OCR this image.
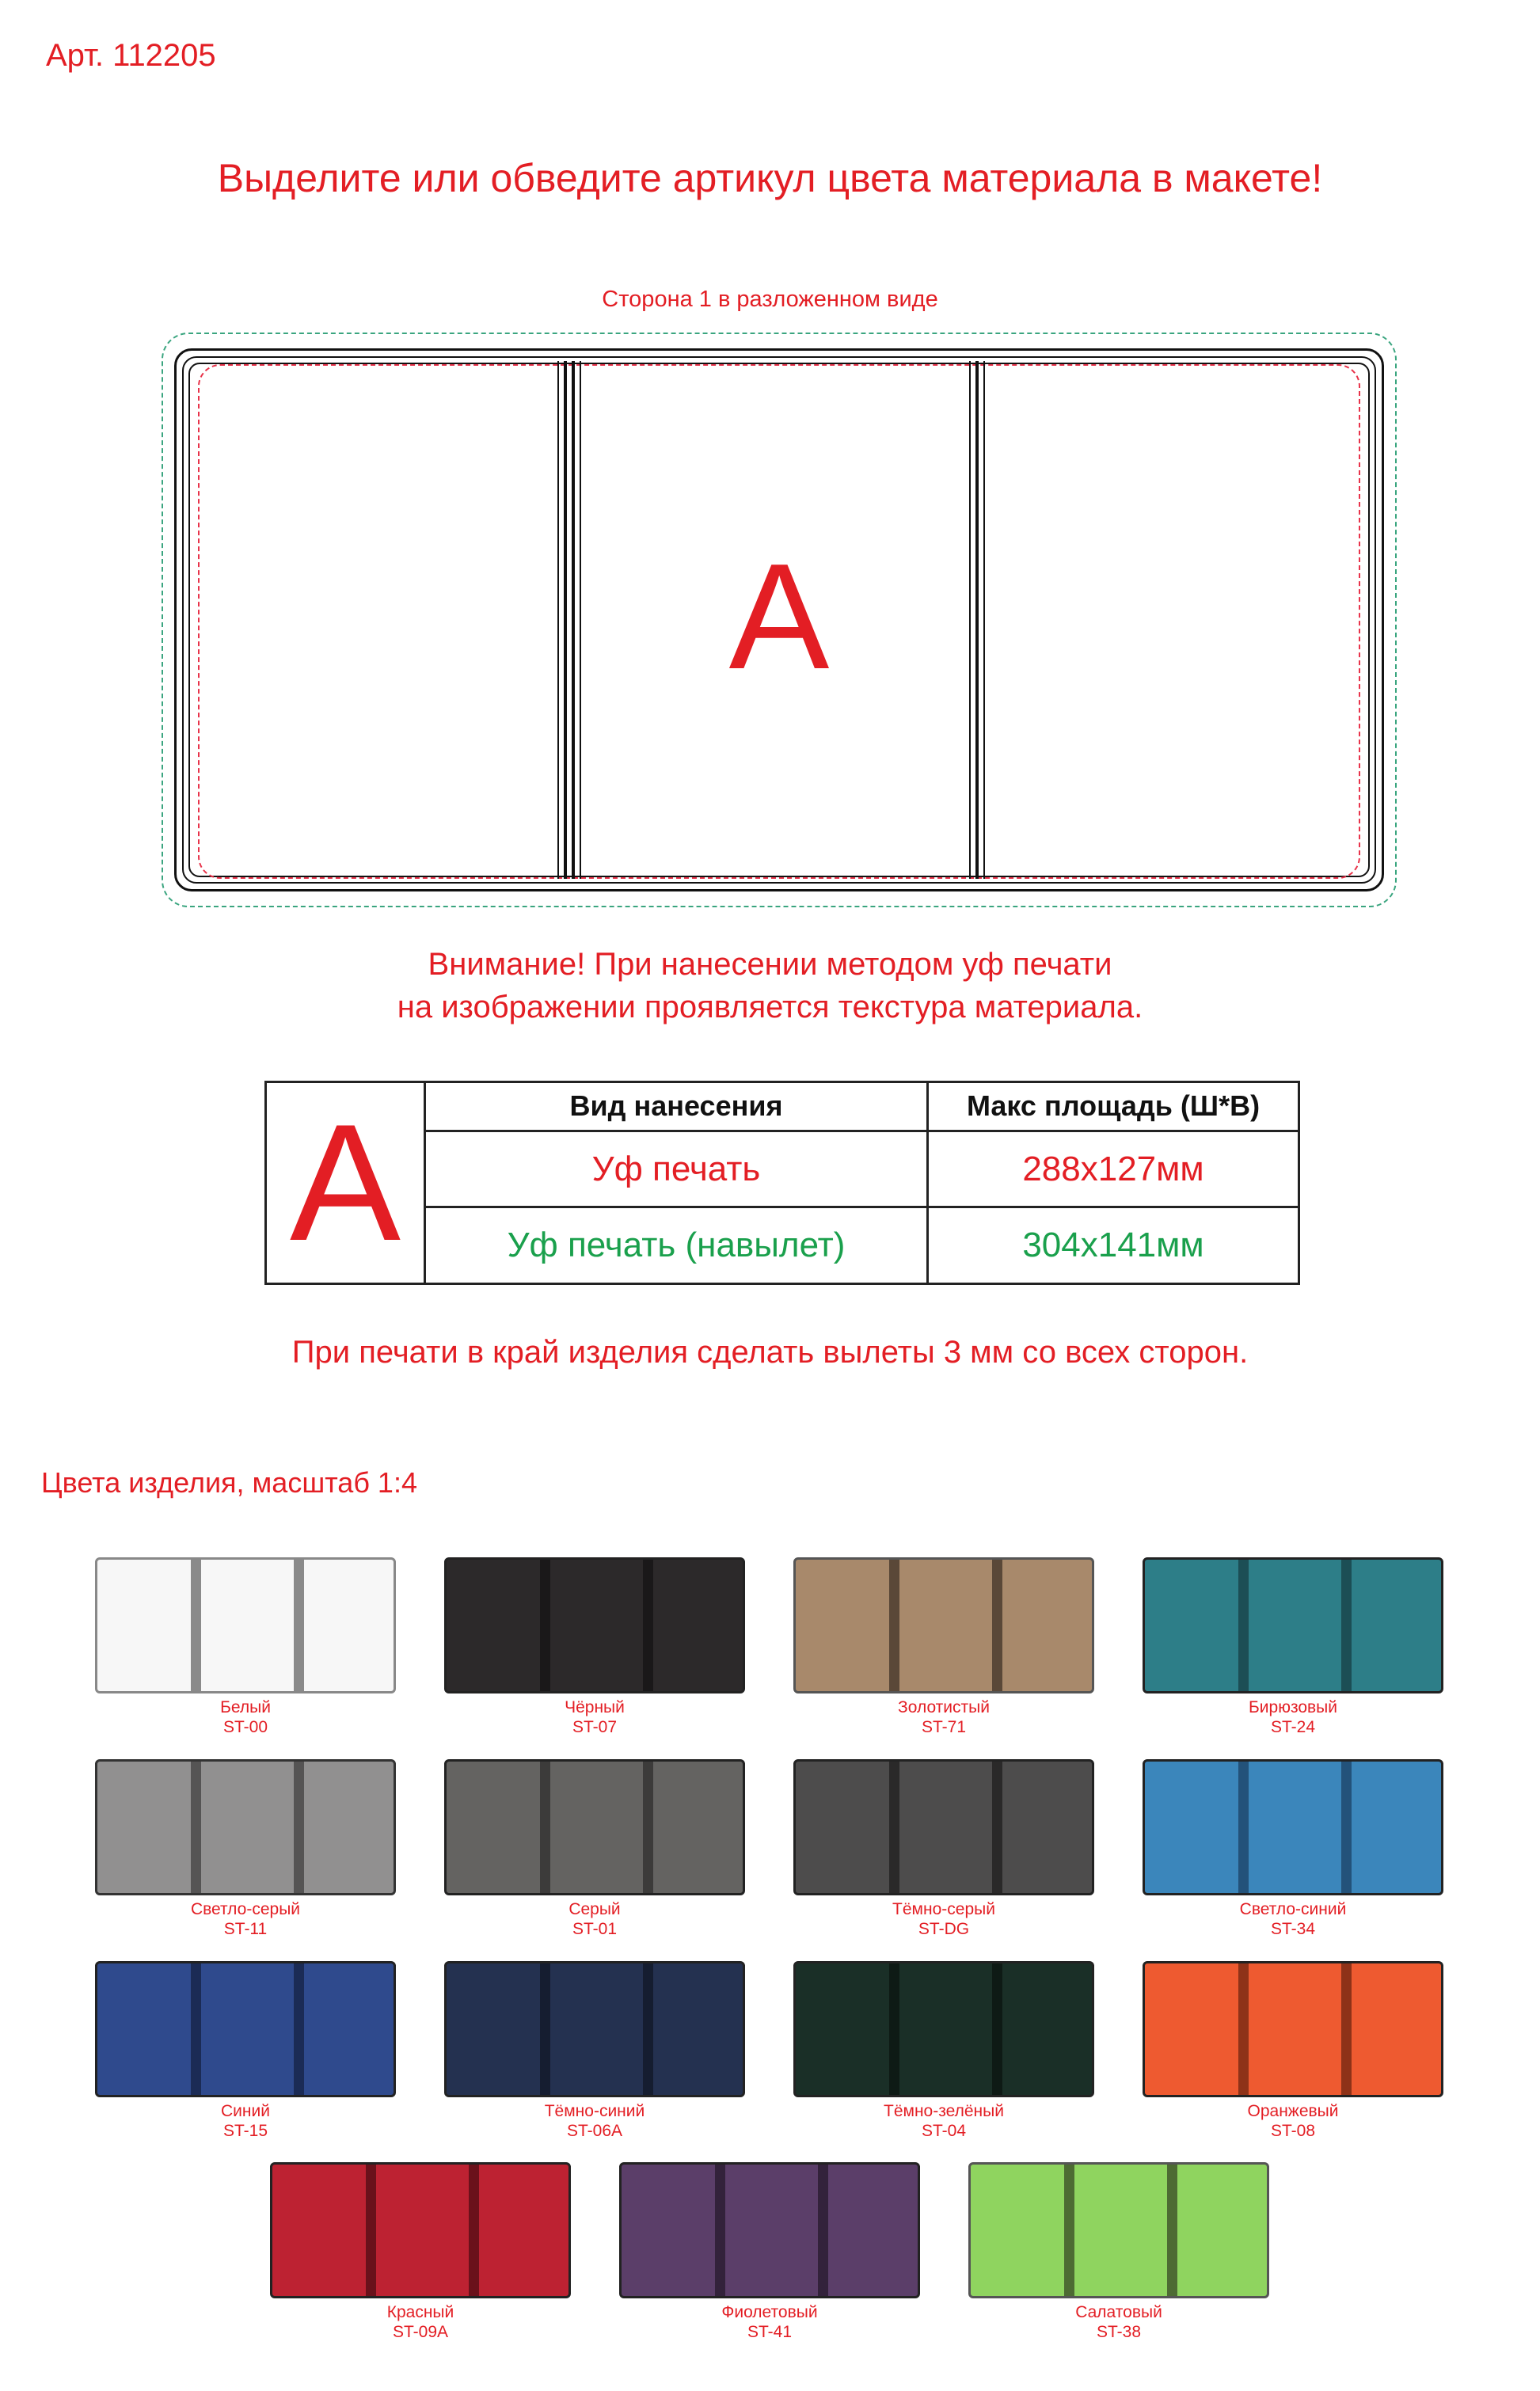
Арт. 112205
Выделите или обведите артикул цвета материала в макете!
Сторона 1 в разложенном виде
A
Внимание! При нанесении методом уф печати
на изображении проявляется текстура материала.
A	Вид нанесения	Макс площадь (Ш*В)
	Уф печать	288x127мм
	Уф печать (навылет)	304x141мм
При печати в край изделия сделать вылеты 3 мм со всех сторон.
Цвета изделия, масштаб 1:4
Белый
ST-00
Чёрный
ST-07
Золотистый
ST-71
Бирюзовый
ST-24
Светло-серый
ST-11
Серый
ST-01
Тёмно-серый
ST-DG
Светло-синий
ST-34
Синий
ST-15
Тёмно-синий
ST-06A
Тёмно-зелёный
ST-04
Оранжевый
ST-08
Красный
ST-09A
Фиолетовый
ST-41
Салатовый
ST-38
